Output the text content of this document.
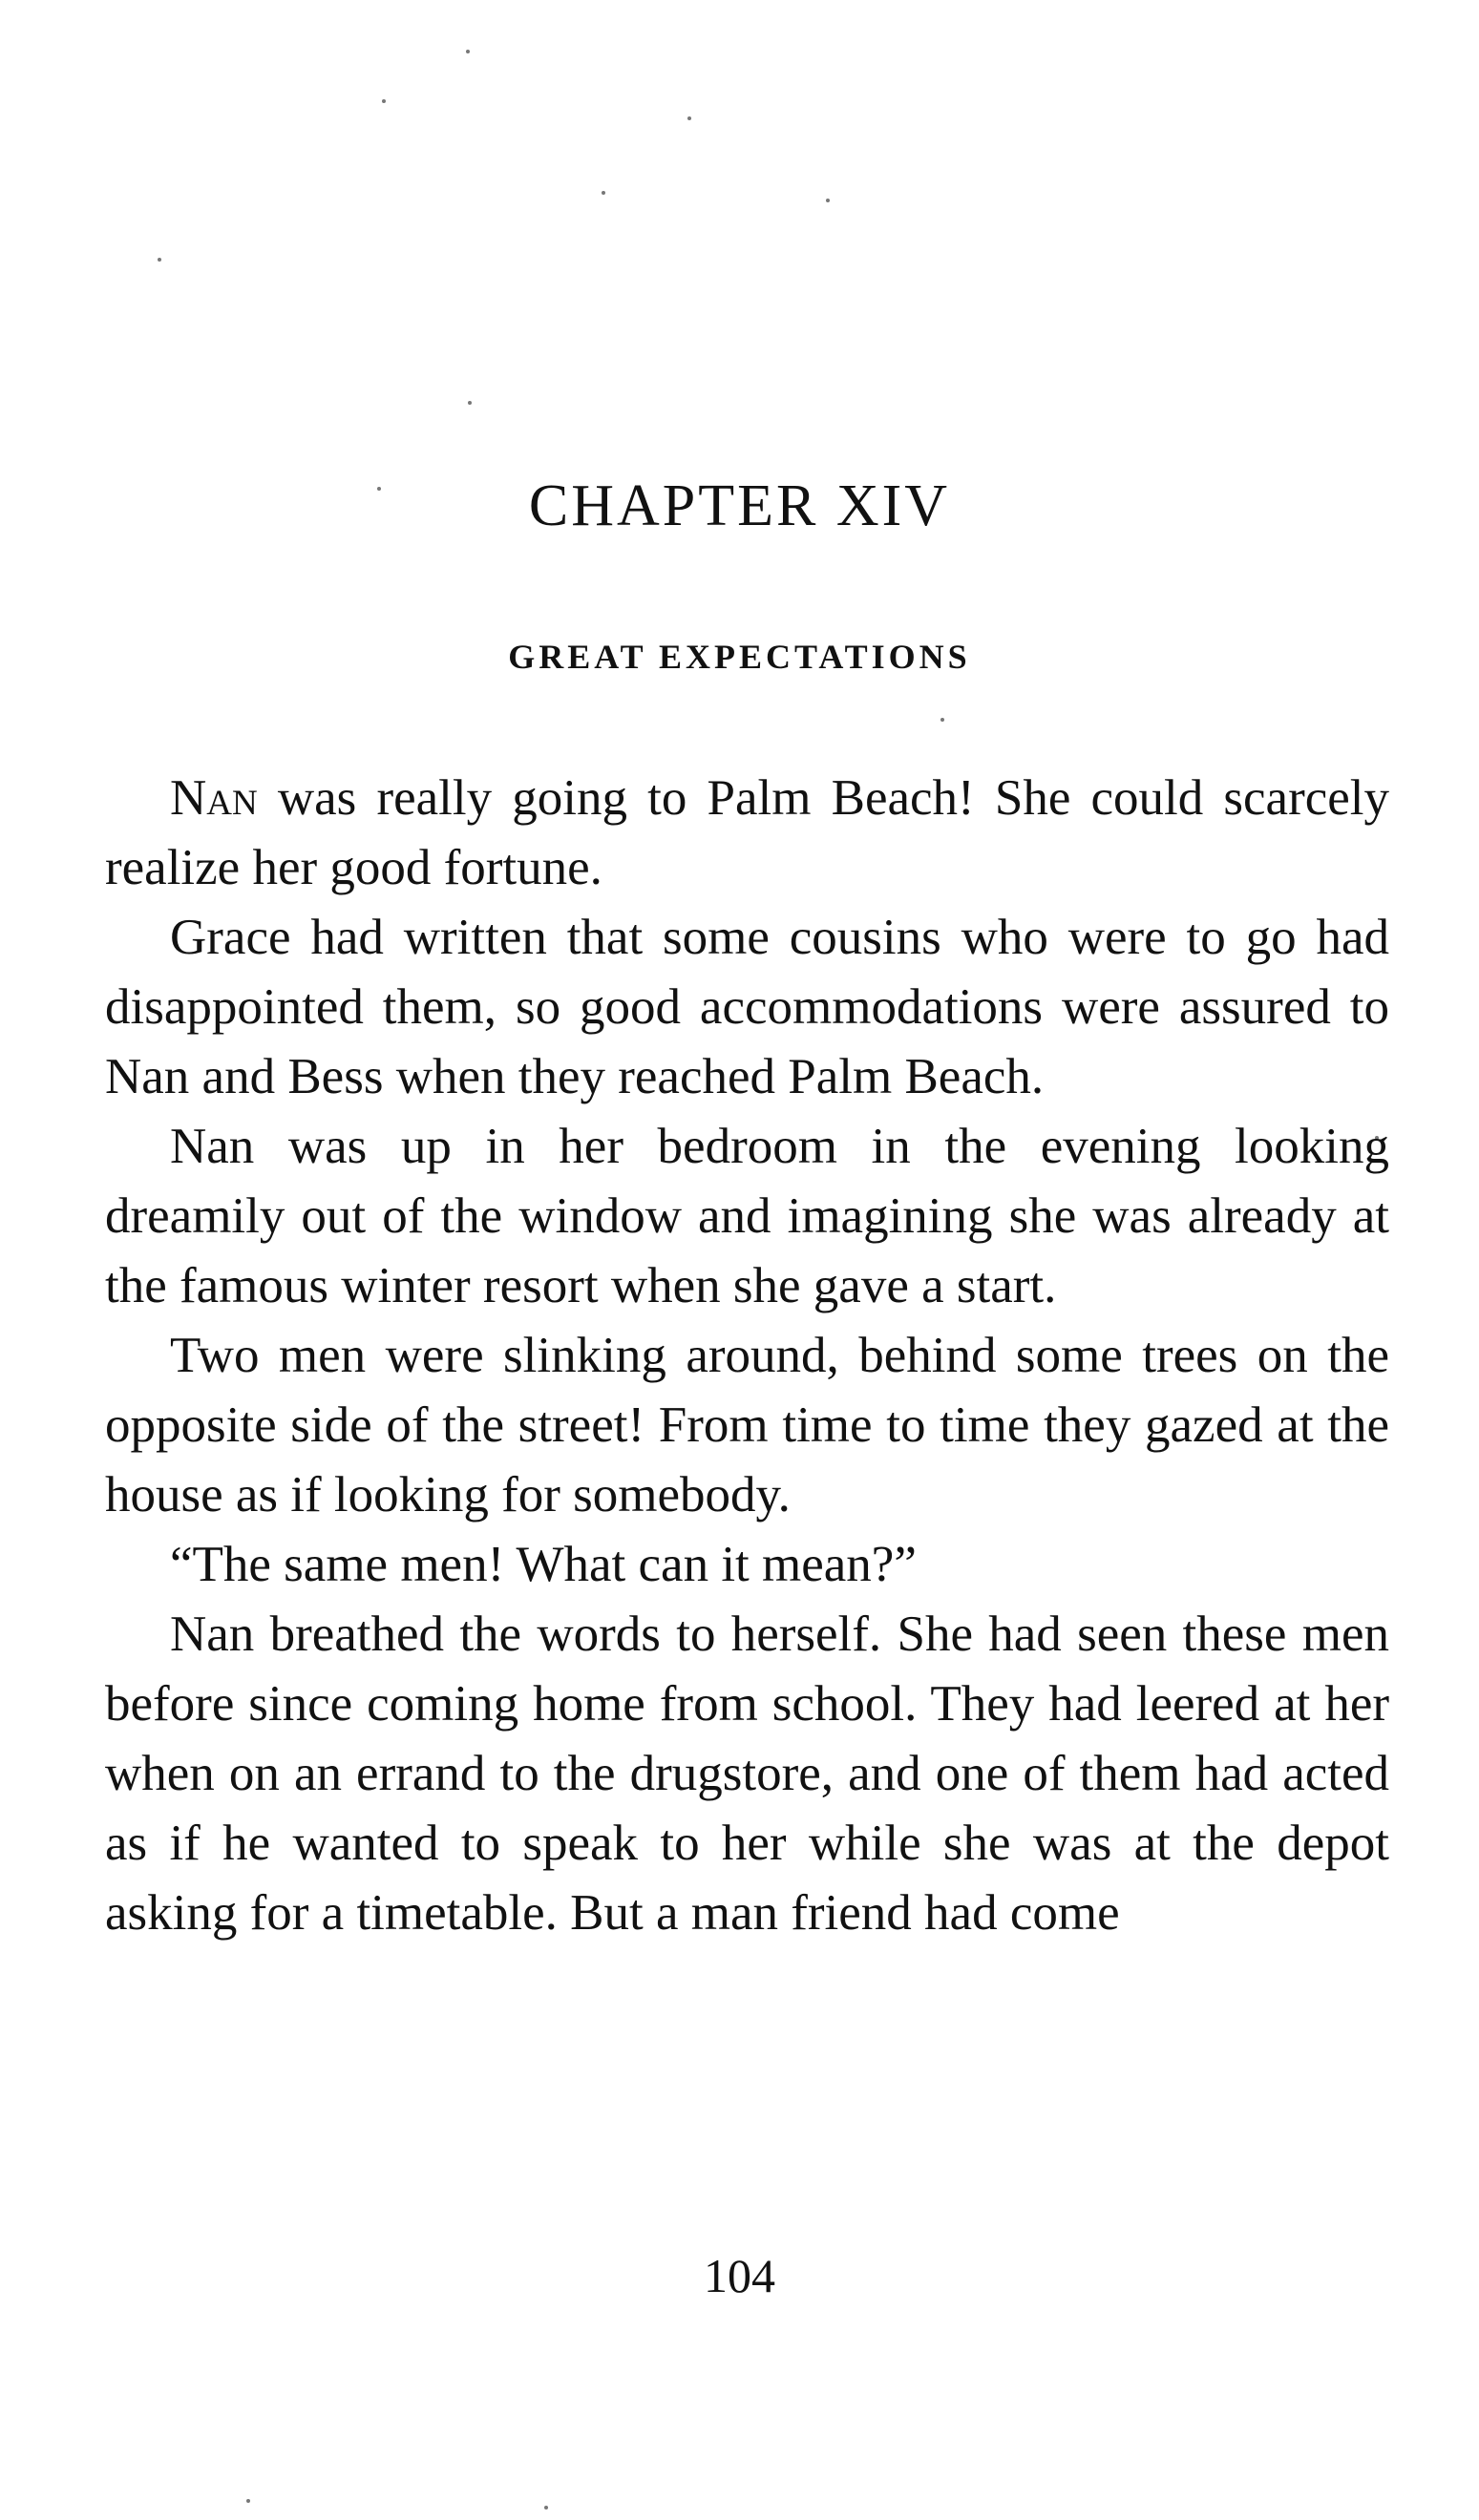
CHAPTER XIV
GREAT EXPECTATIONS

Nan was really going to Palm Beach! She could scarcely realize her good fortune.

Grace had written that some cousins who were to go had disappointed them, so good accommodations were assured to Nan and Bess when they reached Palm Beach.

Nan was up in her bedroom in the evening looking dreamily out of the window and imagining she was already at the famous winter resort when she gave a start.

Two men were slinking around, behind some trees on the opposite side of the street! From time to time they gazed at the house as if looking for somebody.

“The same men! What can it mean?”

Nan breathed the words to herself. She had seen these men before since coming home from school. They had leered at her when on an errand to the drugstore, and one of them had acted as if he wanted to speak to her while she was at the depot asking for a timetable. But a man friend had come

104
